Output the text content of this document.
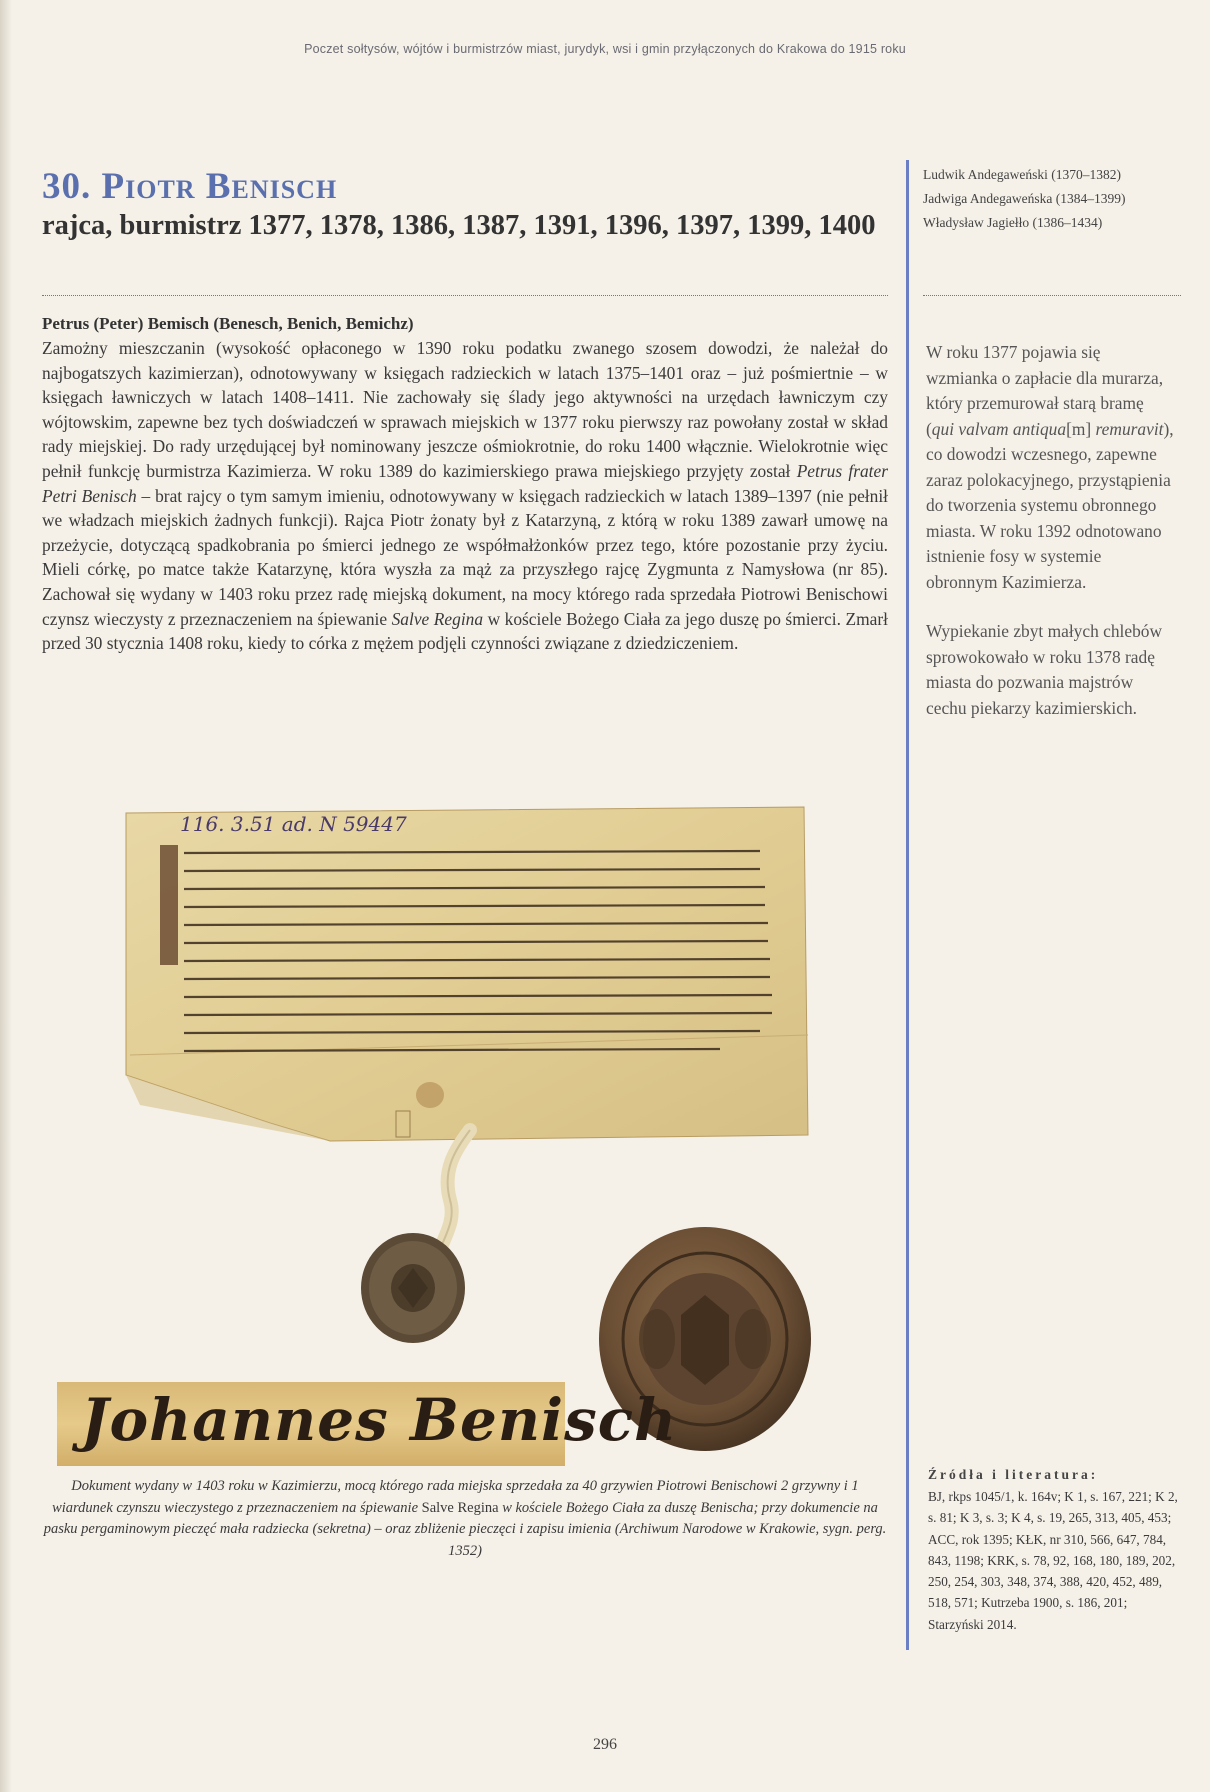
Poczet sołtysów, wójtów i burmistrzów miast, jurydyk, wsi i gmin przyłączonych do Krakowa do 1915 roku
30. Piotr Benisch
rajca, burmistrz 1377, 1378, 1386, 1387, 1391, 1396, 1397, 1399, 1400
Ludwik Andegaweński (1370–1382)
Jadwiga Andegaweńska (1384–1399)
Władysław Jagiełło (1386–1434)
Petrus (Peter) Bemisch (Benesch, Benich, Bemichz)

Zamożny mieszczanin (wysokość opłaconego w 1390 roku podatku zwanego szosem dowodzi, że należał do najbogatszych kazimierzan), odnotowywany w księgach radzieckich w latach 1375–1401 oraz – już pośmiertnie – w księgach ławniczych w latach 1408–1411. Nie zachowały się ślady jego aktywności na urzędach ławniczym czy wójtowskim, zapewne bez tych doświadczeń w sprawach miejskich w 1377 roku pierwszy raz powołany został w skład rady miejskiej. Do rady urzędującej był nominowany jeszcze ośmiokrotnie, do roku 1400 włącznie. Wielokrotnie więc pełnił funkcję burmistrza Kazimierza. W roku 1389 do kazimierskiego prawa miejskiego przyjęty został Petrus frater Petri Benisch – brat rajcy o tym samym imieniu, odnotowywany w księgach radzieckich w latach 1389–1397 (nie pełnił we władzach miejskich żadnych funkcji). Rajca Piotr żonaty był z Katarzyną, z którą w roku 1389 zawarł umowę na przeżycie, dotyczącą spadkobrania po śmierci jednego ze współmałżonków przez tego, które pozostanie przy życiu. Mieli córkę, po matce także Katarzynę, która wyszła za mąż za przyszłego rajcę Zygmunta z Namysłowa (nr 85). Zachował się wydany w 1403 roku przez radę miejską dokument, na mocy którego rada sprzedała Piotrowi Benischowi czynsz wieczysty z przeznaczeniem na śpiewanie Salve Regina w kościele Bożego Ciała za jego duszę po śmierci. Zmarł przed 30 stycznia 1408 roku, kiedy to córka z mężem podjęli czynności związane z dziedziczeniem.

W roku 1377 pojawia się wzmianka o zapłacie dla murarza, który przemurował starą bramę (qui valvam antiqua[m] remuravit), co dowodzi wczesnego, zapewne zaraz polokacyjnego, przystąpienia do tworzenia systemu obronnego miasta. W roku 1392 odnotowano istnienie fosy w systemie obronnym Kazimierza.

Wypiekanie zbyt małych chlebów sprowokowało w roku 1378 radę miasta do pozwania majstrów cechu piekarzy kazimierskich.

116. 3.51 ad. N 59447
Johannes Benisch
Dokument wydany w 1403 roku w Kazimierzu, mocą którego rada miejska sprzedała za 40 grzywien Piotrowi Benischowi 2 grzywny i 1 wiardunek czynszu wieczystego z przeznaczeniem na śpiewanie Salve Regina w kościele Bożego Ciała za duszę Benischa; przy dokumencie na pasku pergaminowym pieczęć mała radziecka (sekretna) – oraz zbliżenie pieczęci i zapisu imienia (Archiwum Narodowe w Krakowie, sygn. perg. 1352)
Źródła i literatura:
BJ, rkps 1045/1, k. 164v; K 1, s. 167, 221; K 2, s. 81; K 3, s. 3; K 4, s. 19, 265, 313, 405, 453; ACC, rok 1395; KŁK, nr 310, 566, 647, 784, 843, 1198; KRK, s. 78, 92, 168, 180, 189, 202, 250, 254, 303, 348, 374, 388, 420, 452, 489, 518, 571; Kutrzeba 1900, s. 186, 201; Starzyński 2014.
296
